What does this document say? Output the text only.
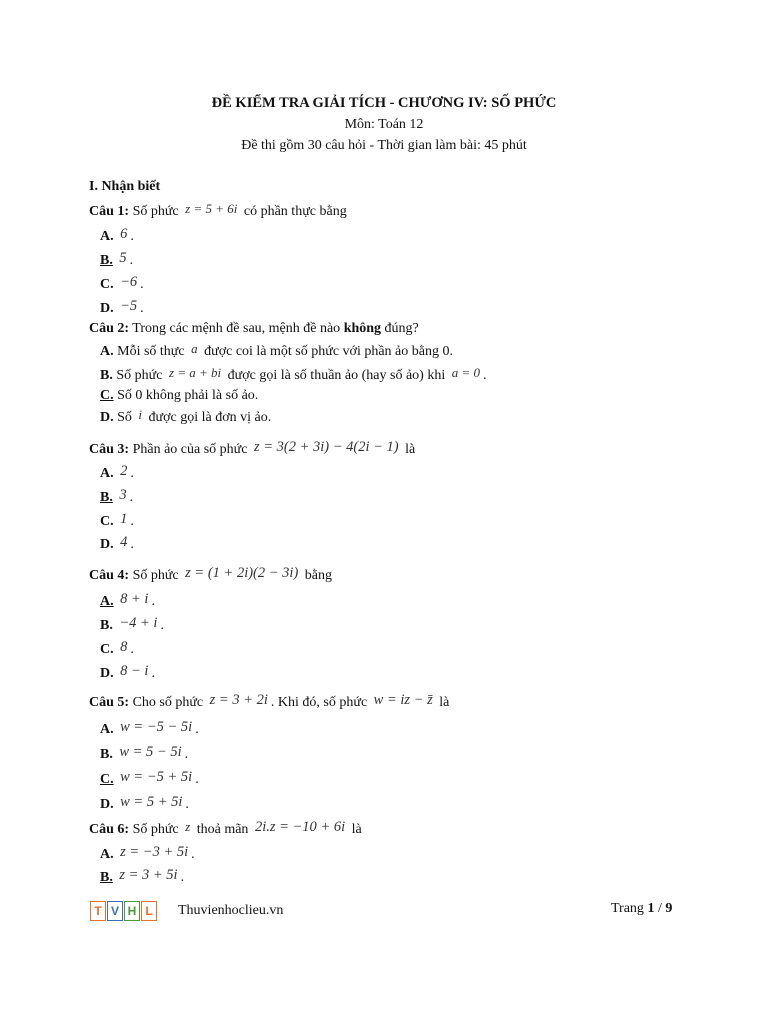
ĐỀ KIỂM TRA GIẢI TÍCH - CHƯƠNG IV: SỐ PHỨC
Môn: Toán 12
Đề thi gồm 30 câu hỏi - Thời gian làm bài: 45 phút
I. Nhận biết
Câu 1: Số phức z = 5 + 6i có phần thực bằng
A. 6 .
B. 5 .
C. −6 .
D. −5 .
Câu 2: Trong các mệnh đề sau, mệnh đề nào không đúng?
A. Mỗi số thực a được coi là một số phức với phần ảo bằng 0.
B. Số phức z = a + bi được gọi là số thuần ảo (hay số ảo) khi a = 0 .
C. Số 0 không phải là số ảo.
D. Số i được gọi là đơn vị ảo.
Câu 3: Phần ảo của số phức z = 3(2 + 3i) − 4(2i − 1) là
A. 2 .
B. 3 .
C. 1 .
D. 4 .
Câu 4: Số phức z = (1 + 2i)(2 − 3i) bằng
A. 8 + i .
B. −4 + i .
C. 8 .
D. 8 − i .
Câu 5: Cho số phức z = 3 + 2i . Khi đó, số phức w = iz − z̄ là
A. w = −5 − 5i .
B. w = 5 − 5i .
C. w = −5 + 5i .
D. w = 5 + 5i .
Câu 6: Số phức z thoả mãn 2i.z = −10 + 6i là
A. z = −3 + 5i .
B. z = 3 + 5i .
T V H L	Thuvienhoclieu.vn	Trang 1 / 9
